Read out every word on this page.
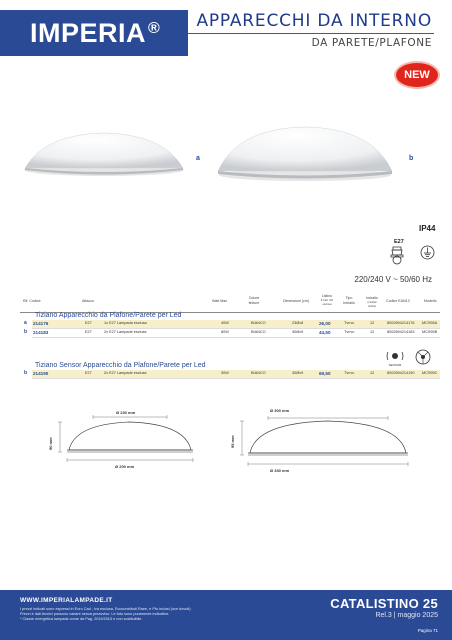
IMPERIA ® APPARECCHI DA INTERNO
DA PARETE/PLAFONE
NEW
a	b
IP44
E27
220/240 V ~ 50/60 Hz
Rif. Codice	Attacco	Watt Max
Colore finiture	Dimensioni (cm)
Listino
€ Cad. IVA esclusa
Tipo Imballo
Imballo
(multipli ordine)
Codice EAN13	Modello
Tiziano Apparecchio da Plafone/Parete per Led
a 214176	E27	1x E27 Lampada esclusa	40W	BIANCO	23Øx8	26,00	Tvrno.	12	8002694214176 MCS95A
b 214183	E27	2x E27 Lampade escluse	80W	BIANCO	30Øx9	44,50	Tvrno.	12	8002694214183 MCS95B
SENSOR
Tiziano Sensor Apparecchio da Plafone/Parete per Led
b 214190	E27	2x E27 Lampade escluse	30W	BIANCO	30Øx9	69,50	Tvrno.	12	8002694214190 MCS95C
Ø 230 mm
90 mm
Ø 200 mm
Ø 300 mm
95 mm
Ø 330 mm
WWW.IMPERIALAMPADE.IT
I prezzi indicati sono espressi in Euro Cad., Iva esclusa, Ecocontributi Raee, e Pfu inclusi (ove dovuti).
Prezzi e dati tecnici possono variare senza preavviso. Le foto sono puramente indicative.
* Classe energetica lampada come da Pag. 2019/2015 e non sostituibile.
CATALISTINO 25
Rel.3 | maggio 2025
Pagina 71
